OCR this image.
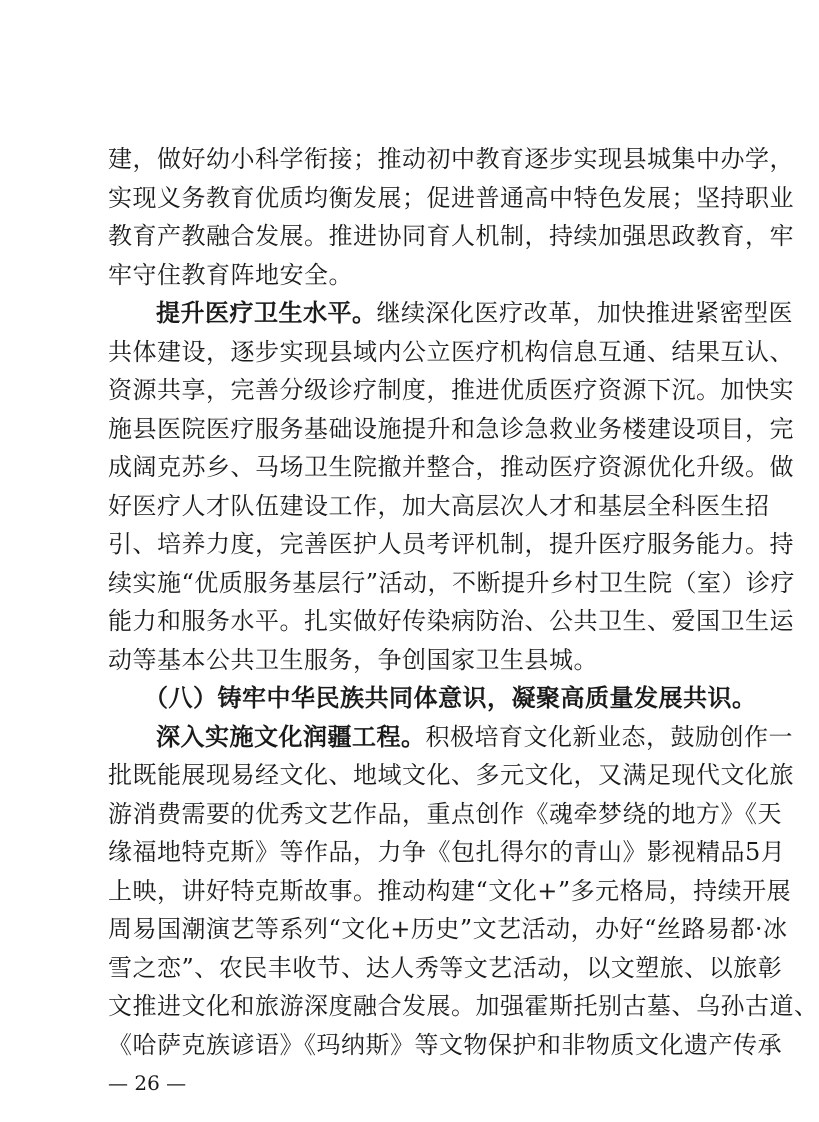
建，做好幼小科学衔接；推动初中教育逐步实现县城集中办学，
实现义务教育优质均衡发展；促进普通高中特色发展；坚持职业
教育产教融合发展。推进协同育人机制，持续加强思政教育，牢
牢守住教育阵地安全。
提升医疗卫生水平。继续深化医疗改革，加快推进紧密型医
共体建设，逐步实现县域内公立医疗机构信息互通、结果互认、
资源共享，完善分级诊疗制度，推进优质医疗资源下沉。加快实
施县医院医疗服务基础设施提升和急诊急救业务楼建设项目，完
成阔克苏乡、马场卫生院撤并整合，推动医疗资源优化升级。做
好医疗人才队伍建设工作，加大高层次人才和基层全科医生招
引、培养力度，完善医护人员考评机制，提升医疗服务能力。持
续实施“优质服务基层行”活动，不断提升乡村卫生院（室）诊疗
能力和服务水平。扎实做好传染病防治、公共卫生、爱国卫生运
动等基本公共卫生服务，争创国家卫生县城。
（八）铸牢中华民族共同体意识，凝聚高质量发展共识。
深入实施文化润疆工程。积极培育文化新业态，鼓励创作一
批既能展现易经文化、地域文化、多元文化，又满足现代文化旅
游消费需要的优秀文艺作品，重点创作《魂牵梦绕的地方》《天
缘福地特克斯》等作品，力争《包扎得尔的青山》影视精品5月
上映，讲好特克斯故事。推动构建“文化+”多元格局，持续开展
周易国潮演艺等系列“文化+历史”文艺活动，办好“丝路易都·冰
雪之恋”、农民丰收节、达人秀等文艺活动，以文塑旅、以旅彰
文推进文化和旅游深度融合发展。加强霍斯托别古墓、乌孙古道、
— 26 —
《哈萨克族谚语》《玛纳斯》等文物保护和非物质文化遗产传承
